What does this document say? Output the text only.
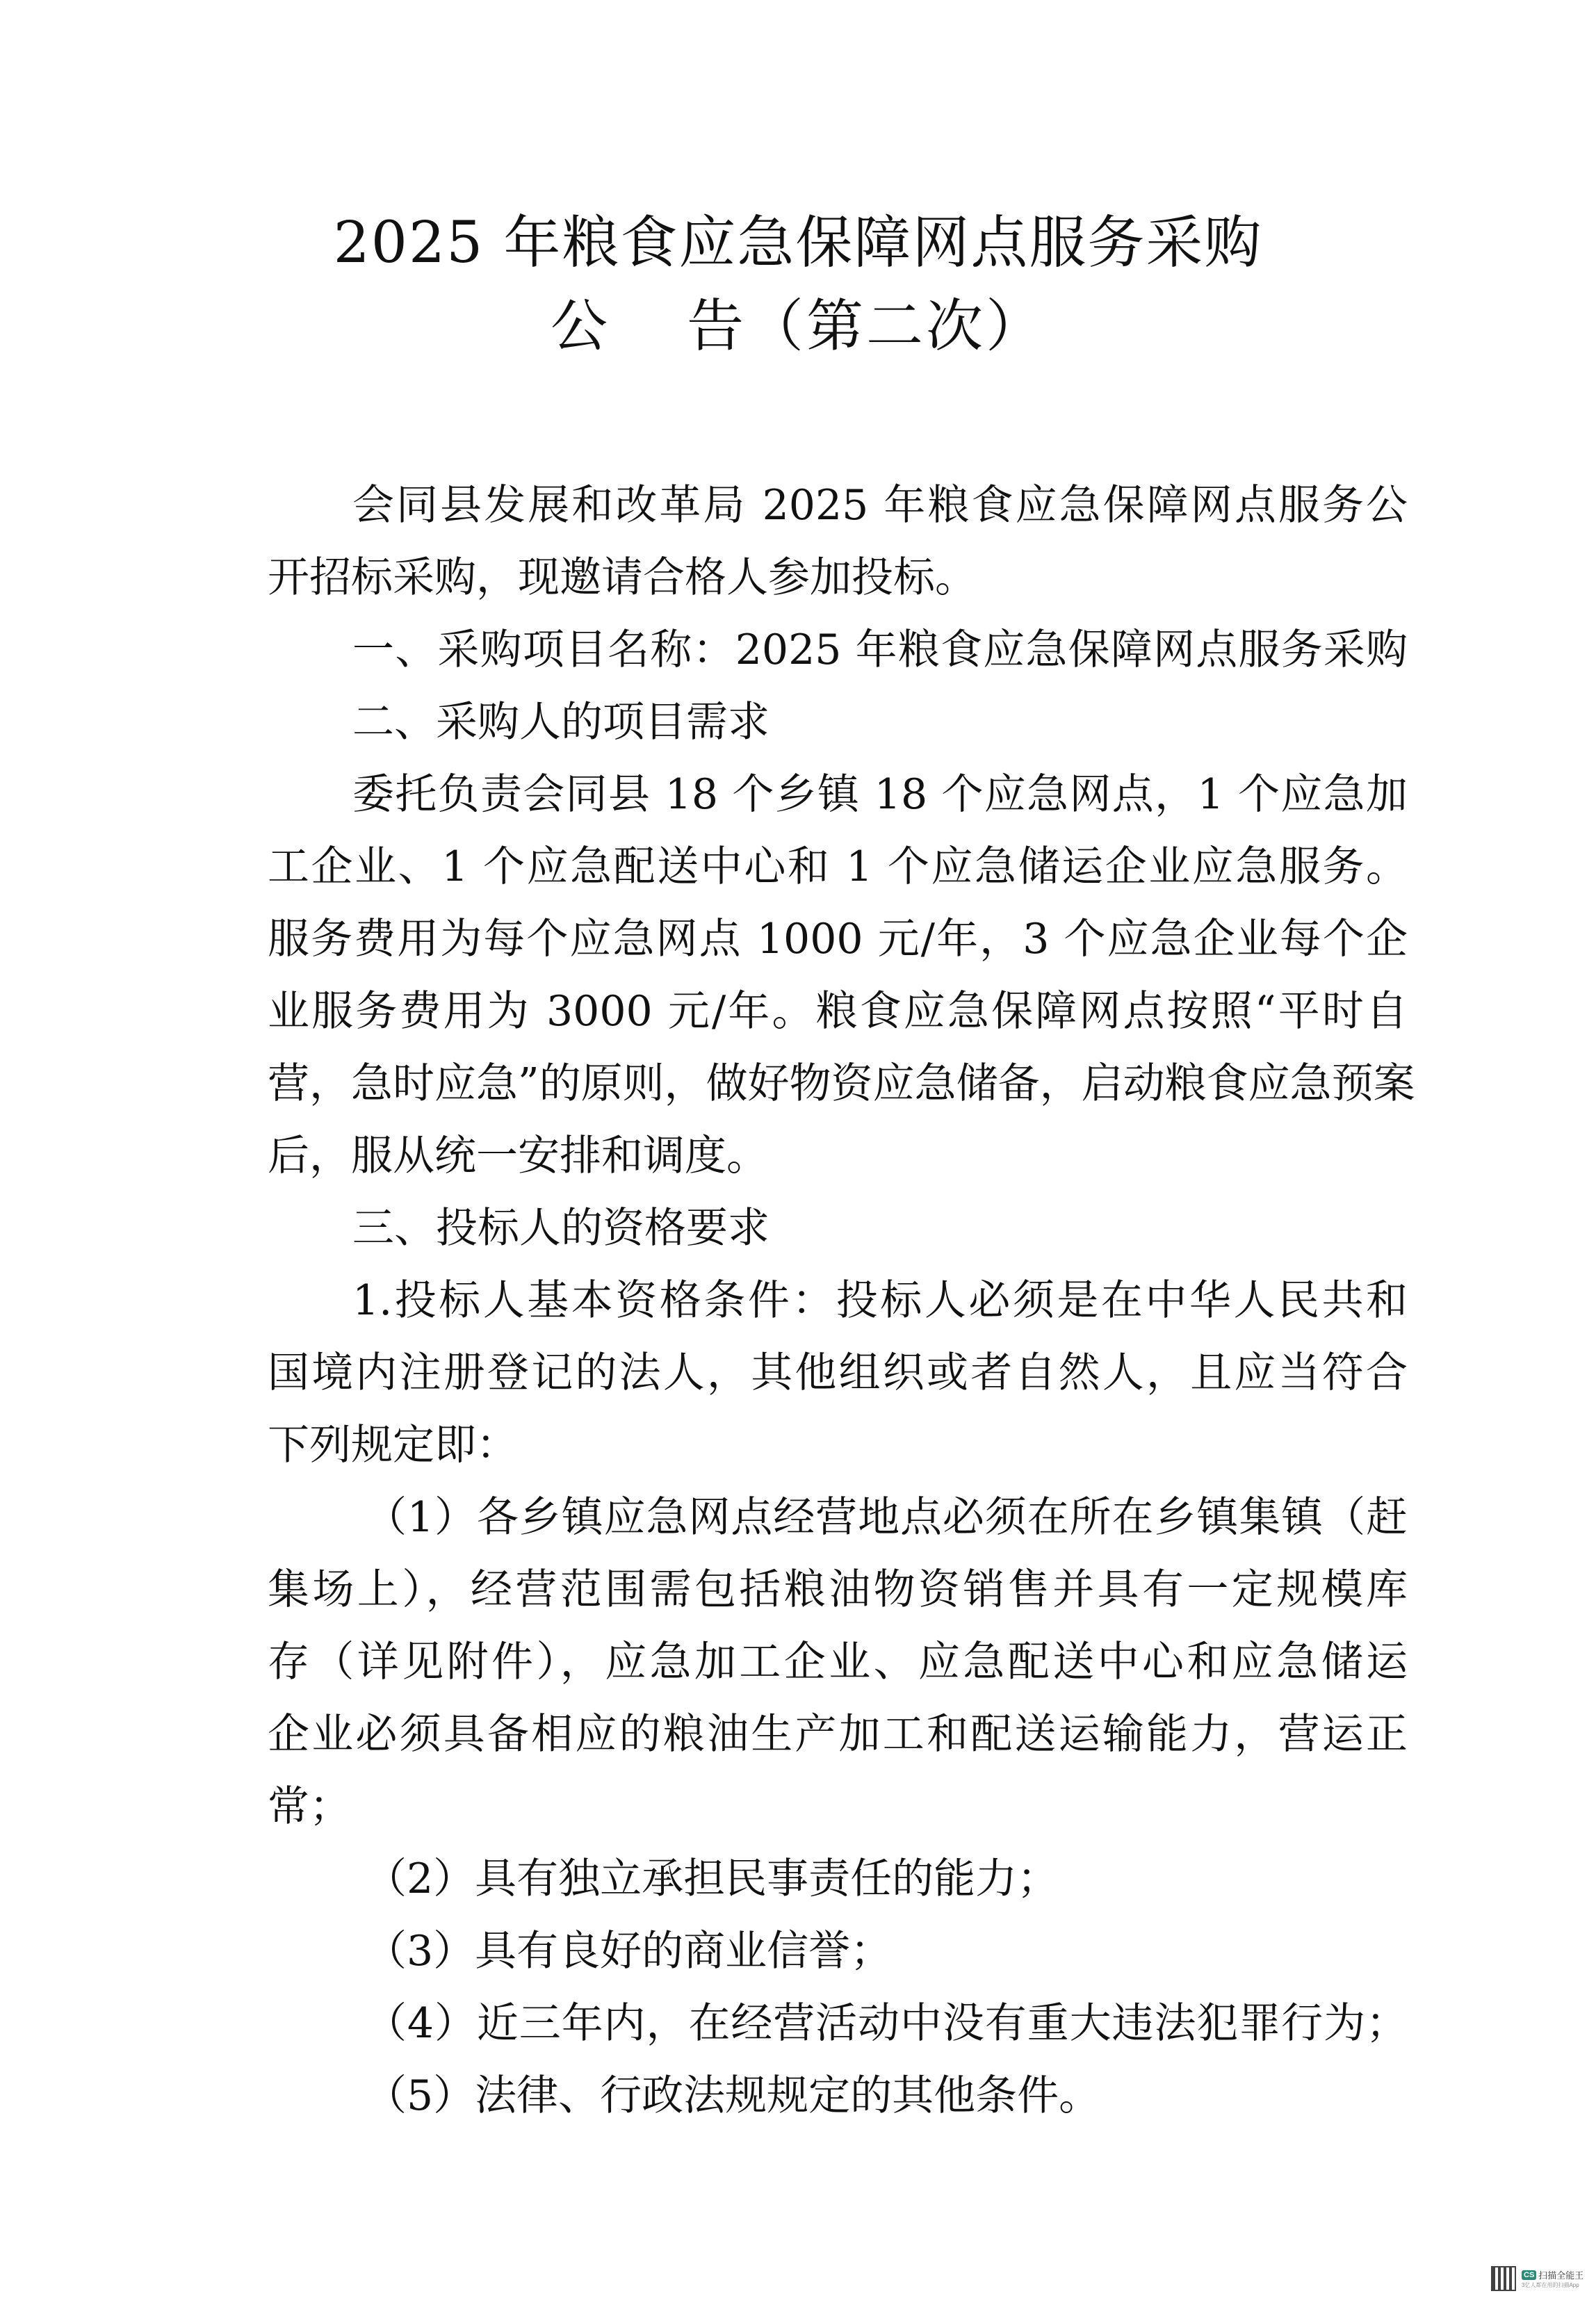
2025 年粮食应急保障网点服务采购
公 告（第二次）
会同县发展和改革局 2025 年粮食应急保障网点服务公
开招标采购，现邀请合格人参加投标。
一、采购项目名称：2025 年粮食应急保障网点服务采购
二、采购人的项目需求
委托负责会同县 18 个乡镇 18 个应急网点，1 个应急加
工企业、1 个应急配送中心和 1 个应急储运企业应急服务。
服务费用为每个应急网点 1000 元/年，3 个应急企业每个企
业服务费用为 3000 元/年。粮食应急保障网点按照“平时自
营，急时应急”的原则，做好物资应急储备，启动粮食应急预案
后，服从统一安排和调度。
三、投标人的资格要求
1.投标人基本资格条件：投标人必须是在中华人民共和
国境内注册登记的法人，其他组织或者自然人，且应当符合
下列规定即：
（1）各乡镇应急网点经营地点必须在所在乡镇集镇（赶
集场上），经营范围需包括粮油物资销售并具有一定规模库
存（详见附件），应急加工企业、应急配送中心和应急储运
企业必须具备相应的粮油生产加工和配送运输能力，营运正
常；
（2）具有独立承担民事责任的能力；
（3）具有良好的商业信誉；
（4）近三年内，在经营活动中没有重大违法犯罪行为；
（5）法律、行政法规规定的其他条件。
CS 扫描全能王
3亿人都在用的扫描App
